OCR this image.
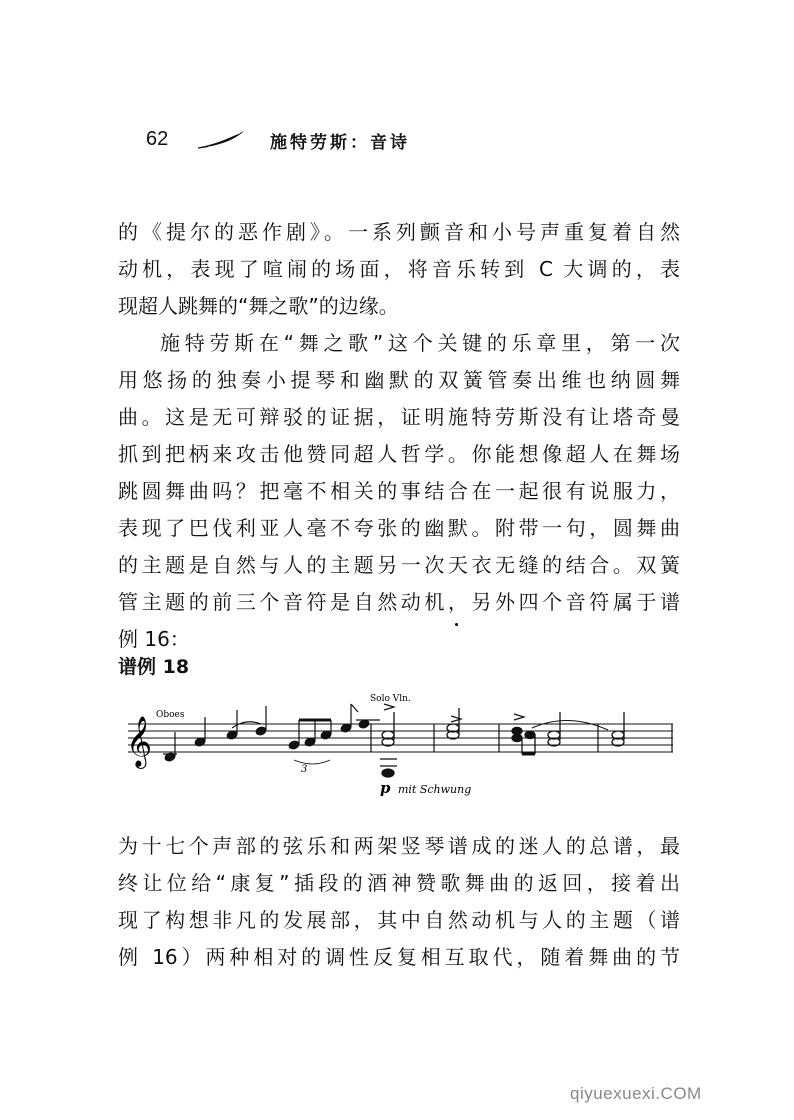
62	施特劳斯：音诗
的《提尔的恶作剧》。一系列颤音和小号声重复着自然
动机，表现了喧闹的场面，将音乐转到 C 大调的，表
现超人跳舞的“舞之歌”的边缘。
施特劳斯在“舞之歌”这个关键的乐章里，第一次
用悠扬的独奏小提琴和幽默的双簧管奏出维也纳圆舞
曲。这是无可辩驳的证据，证明施特劳斯没有让塔奇曼
抓到把柄来攻击他赞同超人哲学。你能想像超人在舞场
跳圆舞曲吗？把毫不相关的事结合在一起很有说服力，
表现了巴伐利亚人毫不夸张的幽默。附带一句，圆舞曲
的主题是自然与人的主题另一次天衣无缝的结合。双簧
管主题的前三个音符是自然动机，另外四个音符属于谱
例 16：
谱例 18
𝄞
Oboes
Solo Vln.
3
p mit Schwung
为十七个声部的弦乐和两架竖琴谱成的迷人的总谱，最
终让位给“康复”插段的酒神赞歌舞曲的返回，接着出
现了构想非凡的发展部，其中自然动机与人的主题（谱
例 16）两种相对的调性反复相互取代，随着舞曲的节
qiyuexuexi.COM
